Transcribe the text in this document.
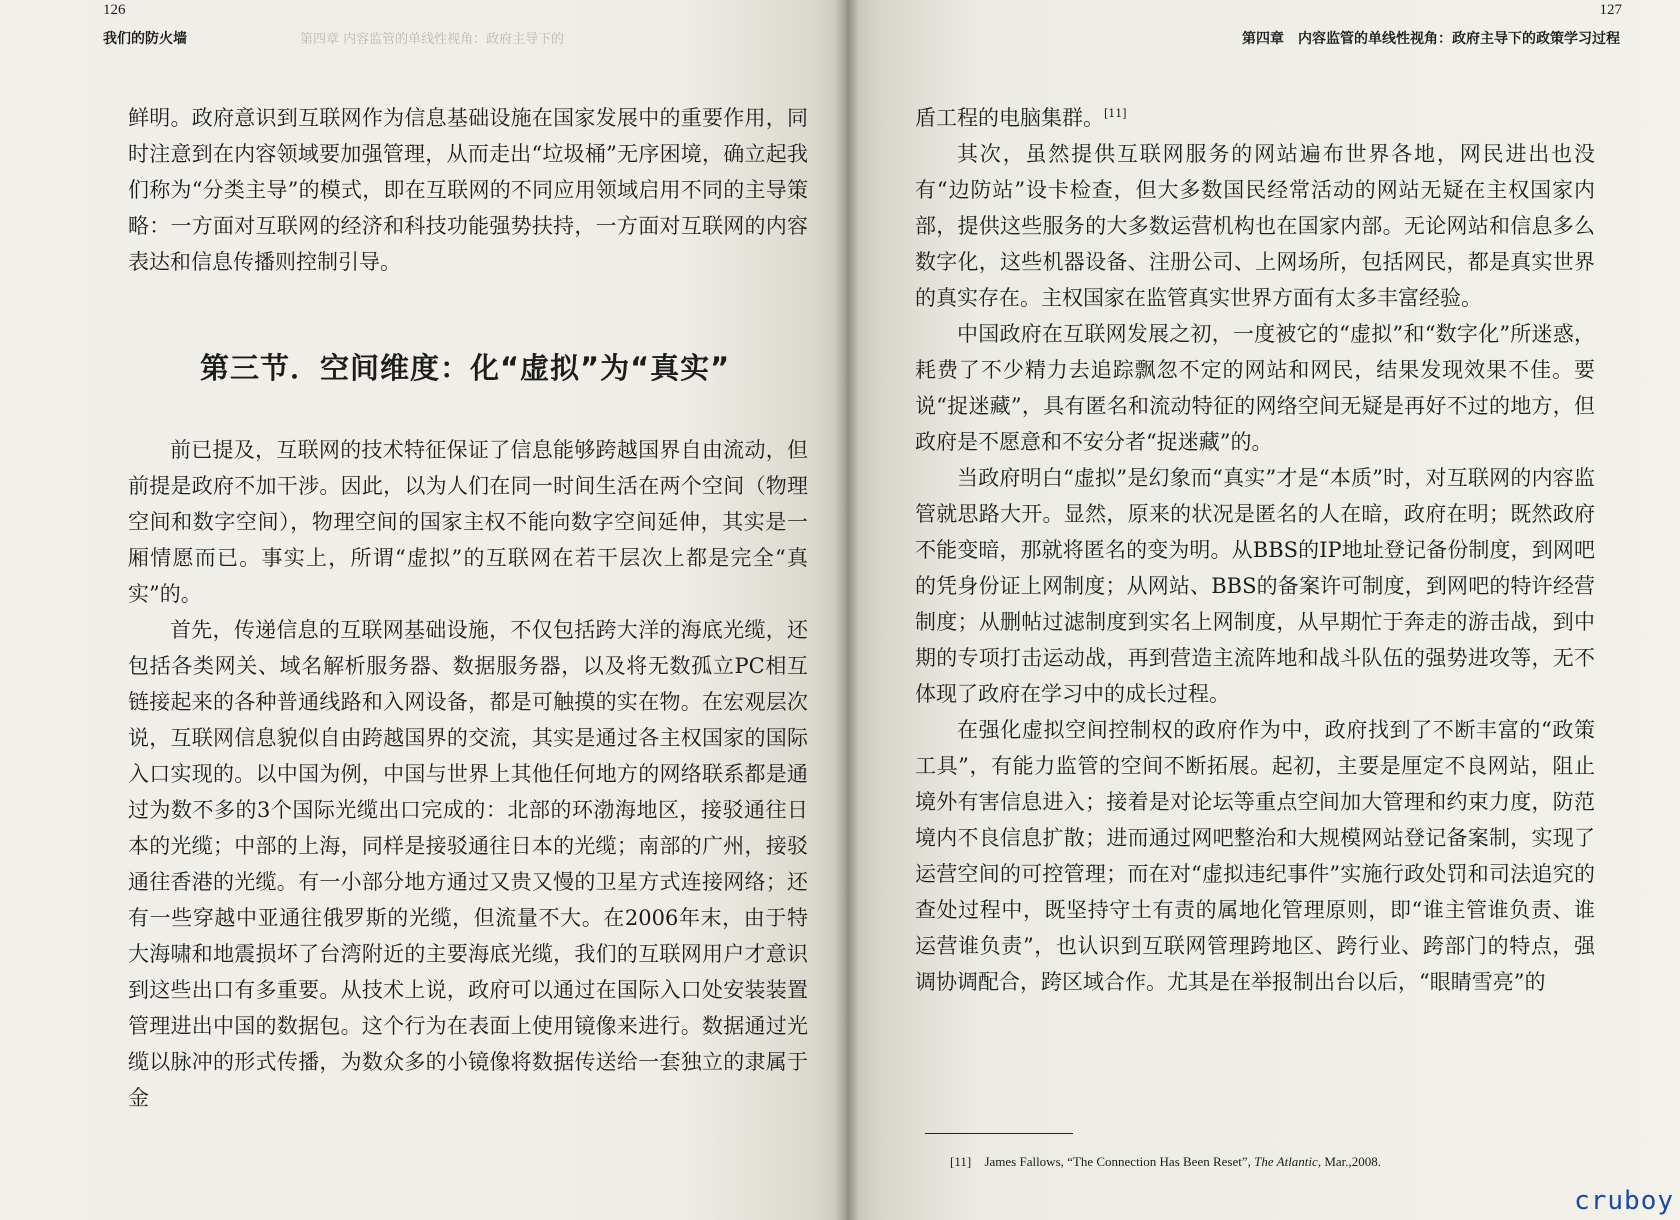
126
我们的防火墙	第四章 内容监管的单线性视角：政府主导下的

鲜明。政府意识到互联网作为信息基础设施在国家发展中的重要作用，同时注意到在内容领域要加强管理，从而走出“垃圾桶”无序困境，确立起我们称为“分类主导”的模式，即在互联网的不同应用领域启用不同的主导策略：一方面对互联网的经济和科技功能强势扶持，一方面对互联网的内容表达和信息传播则控制引导。

第三节．空间维度：化“虚拟”为“真实”

前已提及，互联网的技术特征保证了信息能够跨越国界自由流动，但前提是政府不加干涉。因此，以为人们在同一时间生活在两个空间（物理空间和数字空间），物理空间的国家主权不能向数字空间延伸，其实是一厢情愿而已。事实上，所谓“虚拟”的互联网在若干层次上都是完全“真实”的。

首先，传递信息的互联网基础设施，不仅包括跨大洋的海底光缆，还包括各类网关、域名解析服务器、数据服务器，以及将无数孤立PC相互链接起来的各种普通线路和入网设备，都是可触摸的实在物。在宏观层次说，互联网信息貌似自由跨越国界的交流，其实是通过各主权国家的国际入口实现的。以中国为例，中国与世界上其他任何地方的网络联系都是通过为数不多的3个国际光缆出口完成的：北部的环渤海地区，接驳通往日本的光缆；中部的上海，同样是接驳通往日本的光缆；南部的广州，接驳通往香港的光缆。有一小部分地方通过又贵又慢的卫星方式连接网络；还有一些穿越中亚通往俄罗斯的光缆，但流量不大。在2006年末，由于特大海啸和地震损坏了台湾附近的主要海底光缆，我们的互联网用户才意识到这些出口有多重要。从技术上说，政府可以通过在国际入口处安装装置管理进出中国的数据包。这个行为在表面上使用镜像来进行。数据通过光缆以脉冲的形式传播，为数众多的小镜像将数据传送给一套独立的隶属于金

127
第四章　内容监管的单线性视角：政府主导下的政策学习过程

盾工程的电脑集群。[11]

其次，虽然提供互联网服务的网站遍布世界各地，网民进出也没有“边防站”设卡检查，但大多数国民经常活动的网站无疑在主权国家内部，提供这些服务的大多数运营机构也在国家内部。无论网站和信息多么数字化，这些机器设备、注册公司、上网场所，包括网民，都是真实世界的真实存在。主权国家在监管真实世界方面有太多丰富经验。

中国政府在互联网发展之初，一度被它的“虚拟”和“数字化”所迷惑，耗费了不少精力去追踪飘忽不定的网站和网民，结果发现效果不佳。要说“捉迷藏”，具有匿名和流动特征的网络空间无疑是再好不过的地方，但政府是不愿意和不安分者“捉迷藏”的。

当政府明白“虚拟”是幻象而“真实”才是“本质”时，对互联网的内容监管就思路大开。显然，原来的状况是匿名的人在暗，政府在明；既然政府不能变暗，那就将匿名的变为明。从BBS的IP地址登记备份制度，到网吧的凭身份证上网制度；从网站、BBS的备案许可制度，到网吧的特许经营制度；从删帖过滤制度到实名上网制度，从早期忙于奔走的游击战，到中期的专项打击运动战，再到营造主流阵地和战斗队伍的强势进攻等，无不体现了政府在学习中的成长过程。

在强化虚拟空间控制权的政府作为中，政府找到了不断丰富的“政策工具”，有能力监管的空间不断拓展。起初，主要是厘定不良网站，阻止境外有害信息进入；接着是对论坛等重点空间加大管理和约束力度，防范境内不良信息扩散；进而通过网吧整治和大规模网站登记备案制，实现了运营空间的可控管理；而在对“虚拟违纪事件”实施行政处罚和司法追究的查处过程中，既坚持守土有责的属地化管理原则，即“谁主管谁负责、谁运营谁负责”，也认识到互联网管理跨地区、跨行业、跨部门的特点，强调协调配合，跨区域合作。尤其是在举报制出台以后，“眼睛雪亮”的

[11] James Fallows, “The Connection Has Been Reset”, The Atlantic, Mar.,2008.
cruboy
